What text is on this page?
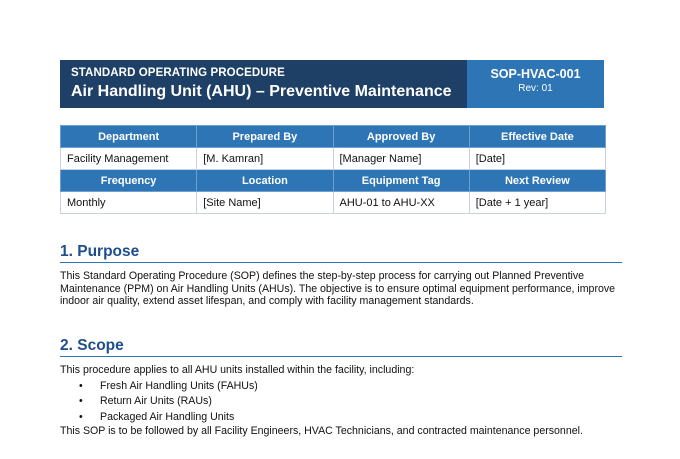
STANDARD OPERATING PROCEDURE
Air Handling Unit (AHU) – Preventive Maintenance
SOP-HVAC-001
Rev: 01
Department	Prepared By	Approved By	Effective Date
Facility Management	[M. Kamran]	[Manager Name]	[Date]
Frequency	Location	Equipment Tag	Next Review
Monthly	[Site Name]	AHU-01 to AHU-XX	[Date + 1 year]
1. Purpose
This Standard Operating Procedure (SOP) defines the step-by-step process for carrying out Planned Preventive Maintenance (PPM) on Air Handling Units (AHUs). The objective is to ensure optimal equipment performance, improve indoor air quality, extend asset lifespan, and comply with facility management standards.
2. Scope
This procedure applies to all AHU units installed within the facility, including:
• Fresh Air Handling Units (FAHUs)
• Return Air Units (RAUs)
• Packaged Air Handling Units
This SOP is to be followed by all Facility Engineers, HVAC Technicians, and contracted maintenance personnel.
